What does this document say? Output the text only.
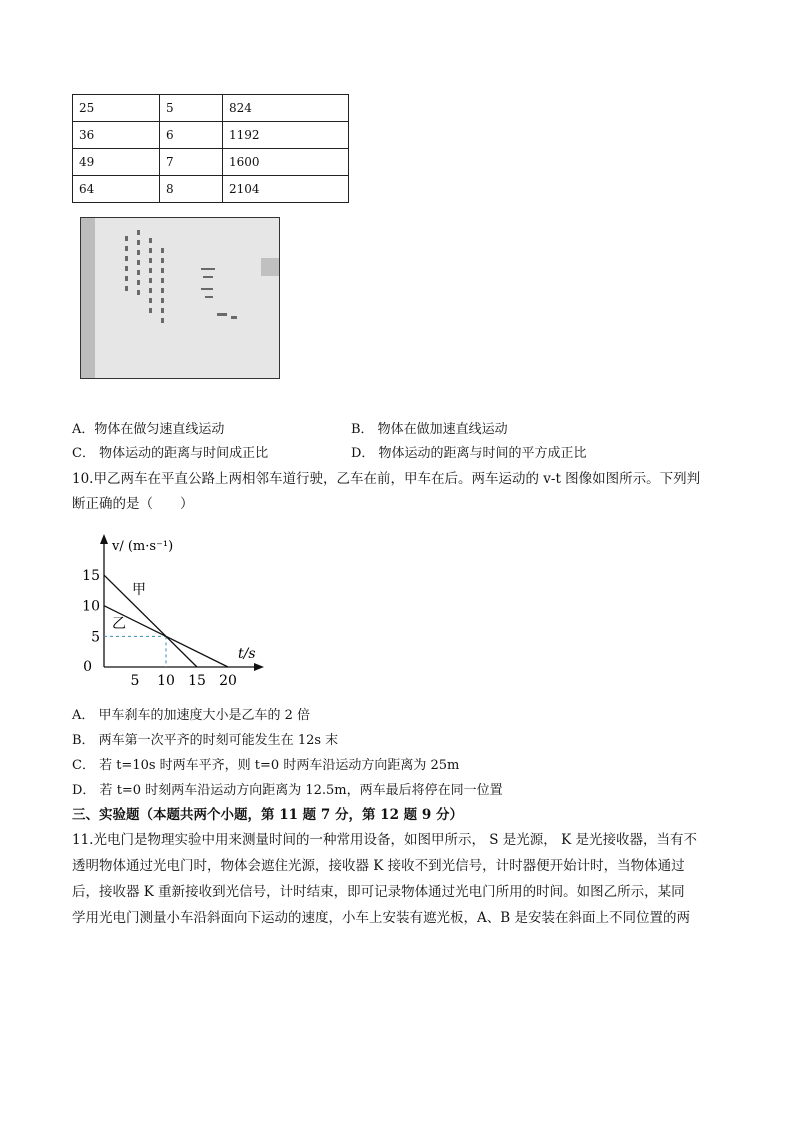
25	5	824
36	6	1192
49	7	1600
64	8	2104
A．物体在做匀速直线运动	B． 物体在做加速直线运动
C． 物体运动的距离与时间成正比	D． 物体运动的距离与时间的平方成正比
10.甲乙两车在平直公路上两相邻车道行驶，乙车在前，甲车在后。两车运动的 v-t 图像如图所示。下列判
断正确的是（　　）
v/ (m·s⁻¹)
t/s
0
5 10 15 20
5
10
15
甲
乙
A． 甲车刹车的加速度大小是乙车的 2 倍
B． 两车第一次平齐的时刻可能发生在 12s 末
C． 若 t=10s 时两车平齐，则 t=0 时两车沿运动方向距离为 25m
D． 若 t=0 时刻两车沿运动方向距离为 12.5m，两车最后将停在同一位置
三、实验题（本题共两个小题，第 11 题 7 分，第 12 题 9 分）
11.光电门是物理实验中用来测量时间的一种常用设备，如图甲所示， S 是光源， K 是光接收器，当有不
透明物体通过光电门时，物体会遮住光源，接收器 K 接收不到光信号，计时器便开始计时，当物体通过
后，接收器 K 重新接收到光信号，计时结束，即可记录物体通过光电门所用的时间。如图乙所示，某同
学用光电门测量小车沿斜面向下运动的速度，小车上安装有遮光板，A、B 是安装在斜面上不同位置的两
